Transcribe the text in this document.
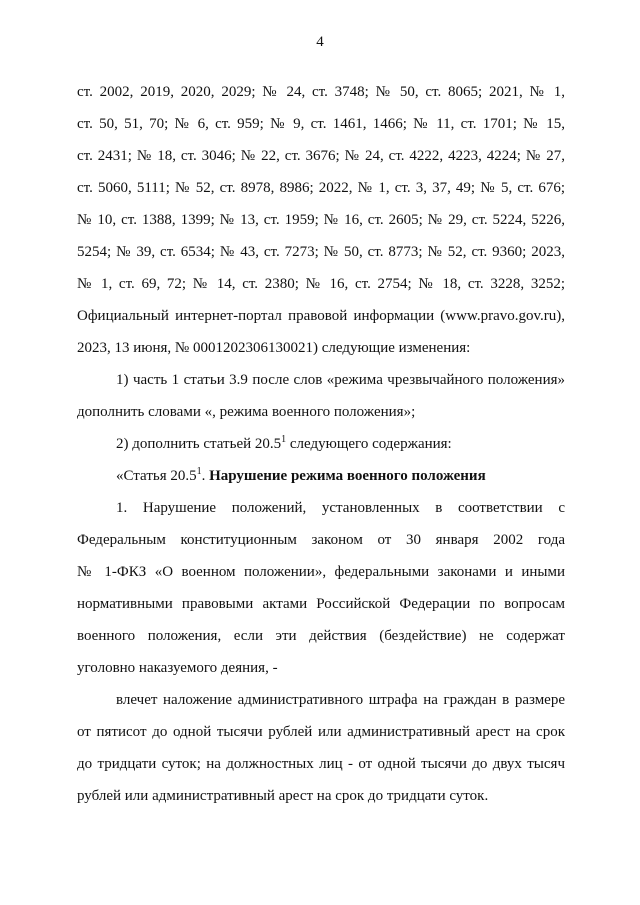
4
ст. 2002, 2019, 2020, 2029; № 24, ст. 3748; № 50, ст. 8065; 2021, № 1,
ст. 50, 51, 70; № 6, ст. 959; № 9, ст. 1461, 1466; № 11, ст. 1701; № 15,
ст. 2431; № 18, ст. 3046; № 22, ст. 3676; № 24, ст. 4222, 4223, 4224; № 27,
ст. 5060, 5111; № 52, ст. 8978, 8986; 2022, № 1, ст. 3, 37, 49; № 5, ст. 676;
№ 10, ст. 1388, 1399; № 13, ст. 1959; № 16, ст. 2605; № 29, ст. 5224, 5226,
5254; № 39, ст. 6534; № 43, ст. 7273; № 50, ст. 8773; № 52, ст. 9360; 2023,
№ 1, ст. 69, 72; № 14, ст. 2380; № 16, ст. 2754; № 18, ст. 3228, 3252;
Официальный интернет-портал правовой информации (www.pravo.gov.ru),
2023, 13 июня, № 0001202306130021) следующие изменения:
1) часть 1 статьи 3.9 после слов «режима чрезвычайного положения»
дополнить словами «, режима военного положения»;
2) дополнить статьей 20.5$^1$ следующего содержания:
«Статья 20.5$^1$. Нарушение режима военного положения
1. Нарушение положений, установленных в соответствии с
Федеральным конституционным законом от 30 января 2002 года
№ 1-ФКЗ «О военном положении», федеральными законами и иными
нормативными правовыми актами Российской Федерации по вопросам
военного положения, если эти действия (бездействие) не содержат
уголовно наказуемого деяния, -
влечет наложение административного штрафа на граждан в размере
от пятисот до одной тысячи рублей или административный арест на срок
до тридцати суток; на должностных лиц - от одной тысячи до двух тысяч
рублей или административный арест на срок до тридцати суток.
